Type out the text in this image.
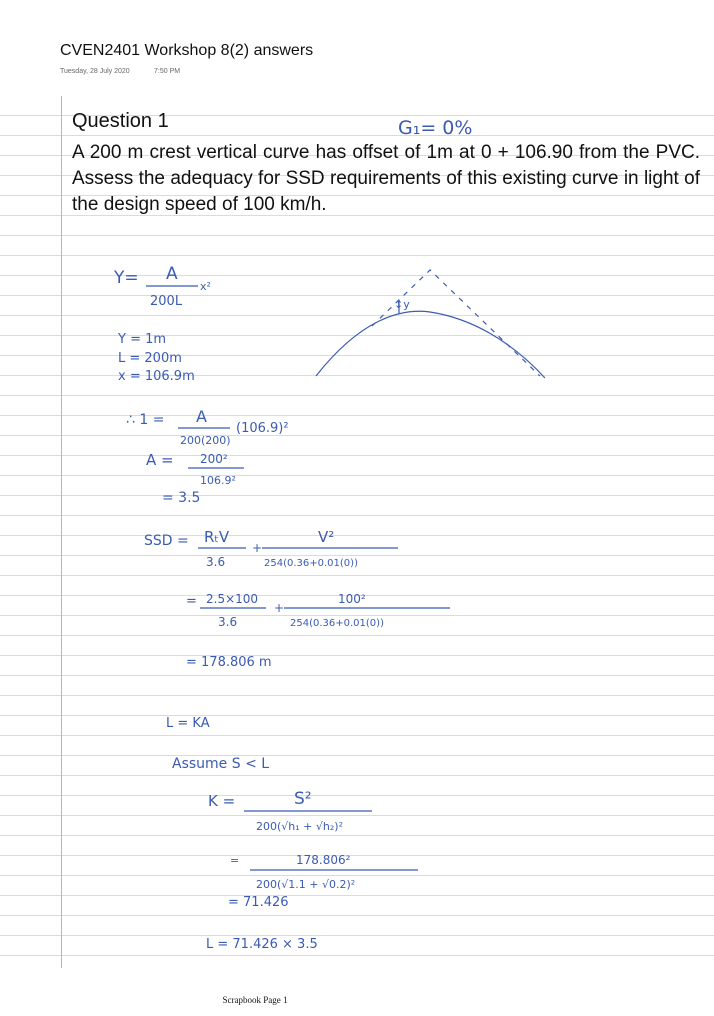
CVEN2401 Workshop 8(2) answers
Tuesday, 28 July 2020	7:50 PM
Question 1
A 200 m crest vertical curve has offset of 1m at 0 + 106.90 from the PVC. Assess the adequacy for SSD requirements of this existing curve in light of the design speed of 100 km/h.
G₁= 0%
Y= A
200L
x²
Y = 1m
L = 200m
x = 106.9m
↕y
∴ 1 = A
200(200)
(106.9)²
A = 200²
106.9²
= 3.5
SSD = RₜV
3.6
+
V²
254(0.36+0.01(0))
= 2.5×100
3.6
+
100²
254(0.36+0.01(0))
= 178.806 m
L = KA
Assume S < L
K =	S²
200(√h₁ + √h₂)²
=	178.806²
200(√1.1 + √0.2)²
= 71.426
L = 71.426 × 3.5
Scrapbook Page 1
